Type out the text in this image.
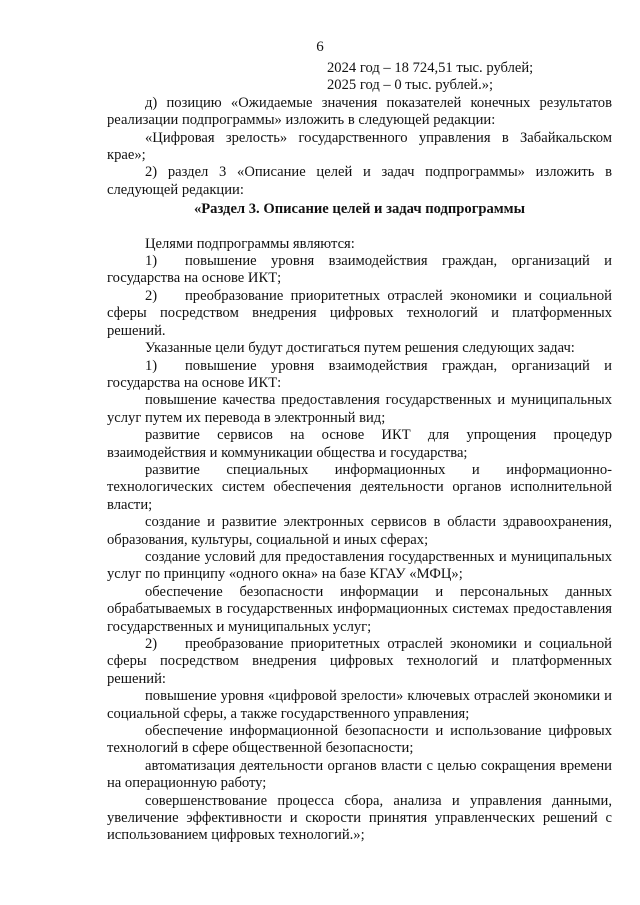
6

2024 год – 18 724,51 тыс. рублей;

2025 год – 0 тыс. рублей.»;

д) позицию «Ожидаемые значения показателей конечных результатов реализации подпрограммы» изложить в следующей редакции:

«Цифровая зрелость» государственного управления в Забайкальском крае»;

2) раздел 3 «Описание целей и задач подпрограммы» изложить в следующей редакции:

«Раздел 3. Описание целей и задач подпрограммы

Целями подпрограммы являются:

1) повышение уровня взаимодействия граждан, организаций и государства на основе ИКТ;

2) преобразование приоритетных отраслей экономики и социальной сферы посредством внедрения цифровых технологий и платформенных решений.

Указанные цели будут достигаться путем решения следующих задач:

1) повышение уровня взаимодействия граждан, организаций и государства на основе ИКТ:

повышение качества предоставления государственных и муниципальных услуг путем их перевода в электронный вид;

развитие сервисов на основе ИКТ для упрощения процедур взаимодействия и коммуникации общества и государства;

развитие специальных информационных и информационно-технологических систем обеспечения деятельности органов исполнительной власти;

создание и развитие электронных сервисов в области здравоохранения, образования, культуры, социальной и иных сферах;

создание условий для предоставления государственных и муниципальных услуг по принципу «одного окна» на базе КГАУ «МФЦ»;

обеспечение безопасности информации и персональных данных обрабатываемых в государственных информационных системах предоставления государственных и муниципальных услуг;

2) преобразование приоритетных отраслей экономики и социальной сферы посредством внедрения цифровых технологий и платформенных решений:

повышение уровня «цифровой зрелости» ключевых отраслей экономики и социальной сферы, а также государственного управления;

обеспечение информационной безопасности и использование цифровых технологий в сфере общественной безопасности;

автоматизация деятельности органов власти с целью сокращения времени на операционную работу;

совершенствование процесса сбора, анализа и управления данными, увеличение эффективности и скорости принятия управленческих решений с использованием цифровых технологий.»;
